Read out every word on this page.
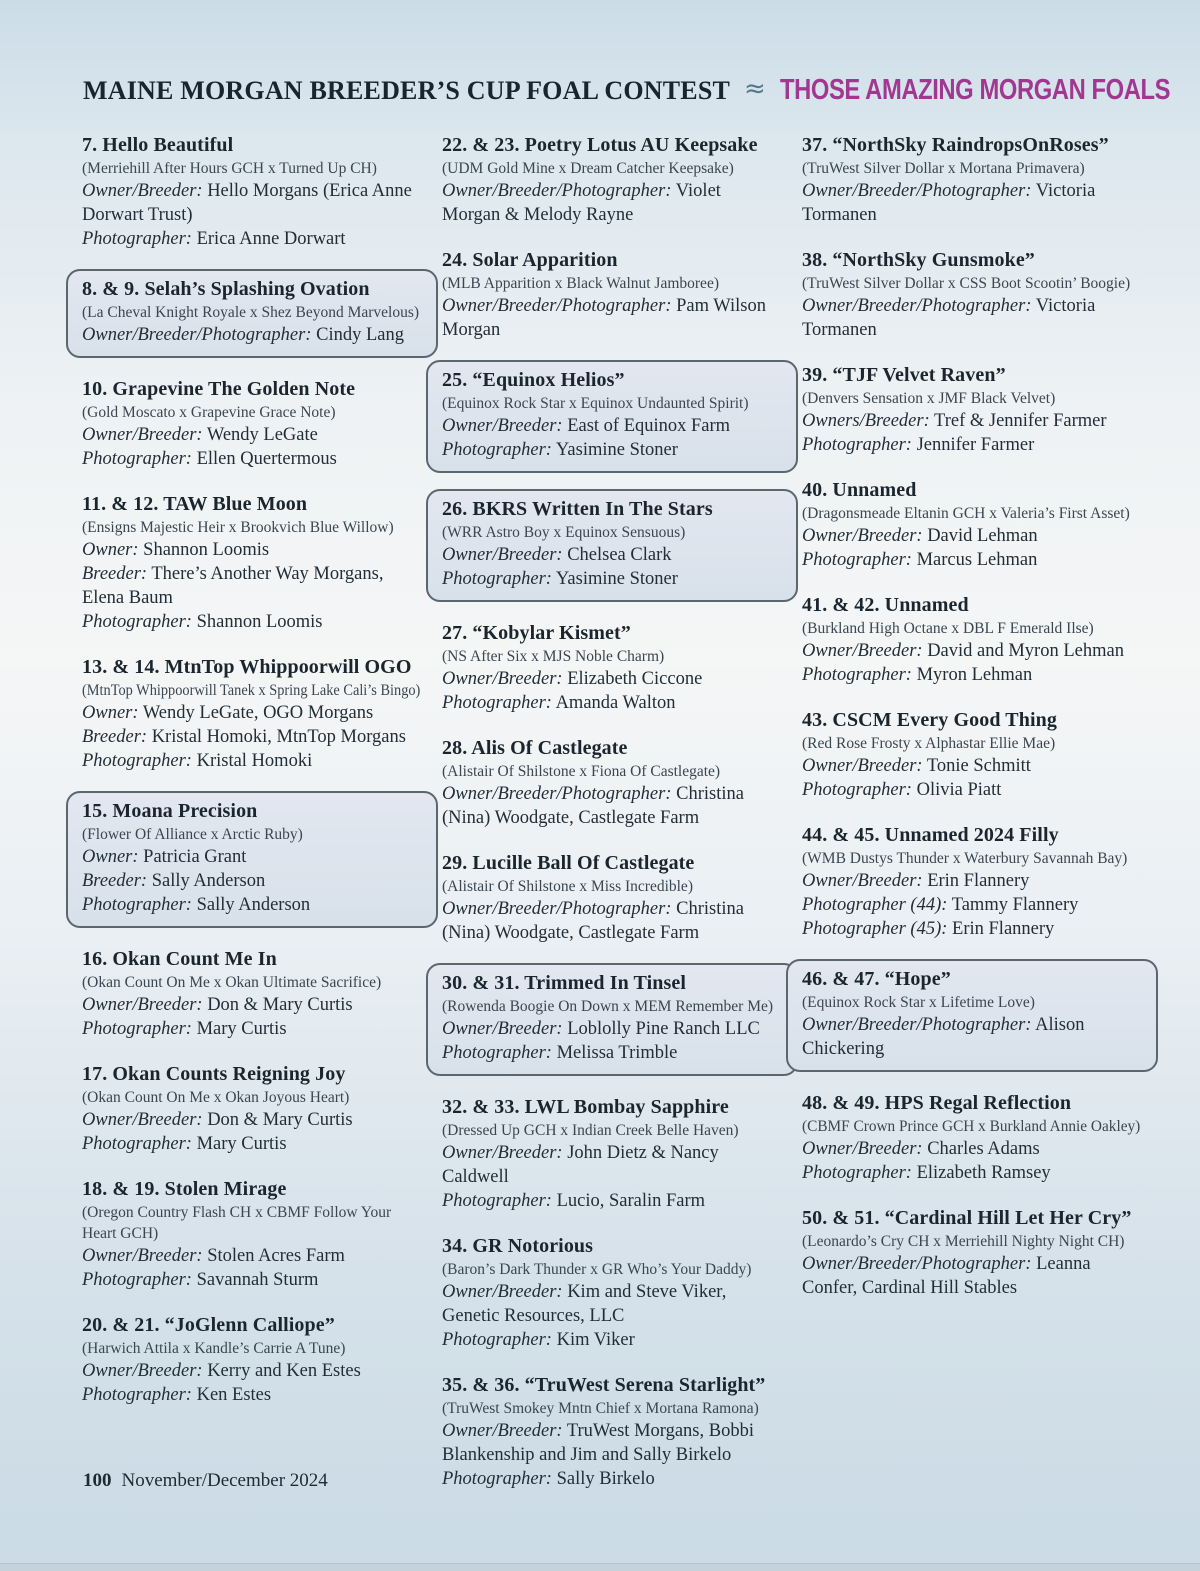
MAINE MORGAN BREEDER’S CUP FOAL CONTEST ≈ THOSE AMAZING MORGAN FOALS
7. Hello Beautiful

(Merriehill After Hours GCH x Turned Up CH)

Owner/Breeder: Hello Morgans (Erica Anne Dorwart Trust)

Photographer: Erica Anne Dorwart

8. & 9. Selah’s Splashing Ovation

(La Cheval Knight Royale x Shez Beyond Marvelous)

Owner/Breeder/Photographer: Cindy Lang

10. Grapevine The Golden Note

(Gold Moscato x Grapevine Grace Note)

Owner/Breeder: Wendy LeGate

Photographer: Ellen Quertermous

11. & 12. TAW Blue Moon

(Ensigns Majestic Heir x Brookvich Blue Willow)

Owner: Shannon Loomis

Breeder: There’s Another Way Morgans, Elena Baum

Photographer: Shannon Loomis

13. & 14. MtnTop Whippoorwill OGO

(MtnTop Whippoorwill Tanek x Spring Lake Cali’s Bingo)

Owner: Wendy LeGate, OGO Morgans

Breeder: Kristal Homoki, MtnTop Morgans

Photographer: Kristal Homoki

15. Moana Precision

(Flower Of Alliance x Arctic Ruby)

Owner: Patricia Grant

Breeder: Sally Anderson

Photographer: Sally Anderson

16. Okan Count Me In

(Okan Count On Me x Okan Ultimate Sacrifice)

Owner/Breeder: Don & Mary Curtis

Photographer: Mary Curtis

17. Okan Counts Reigning Joy

(Okan Count On Me x Okan Joyous Heart)

Owner/Breeder: Don & Mary Curtis

Photographer: Mary Curtis

18. & 19. Stolen Mirage

(Oregon Country Flash CH x CBMF Follow Your Heart GCH)

Owner/Breeder: Stolen Acres Farm

Photographer: Savannah Sturm

20. & 21. “JoGlenn Calliope”

(Harwich Attila x Kandle’s Carrie A Tune)

Owner/Breeder: Kerry and Ken Estes

Photographer: Ken Estes

22. & 23. Poetry Lotus AU Keepsake

(UDM Gold Mine x Dream Catcher Keepsake)

Owner/Breeder/Photographer: Violet Morgan & Melody Rayne

24. Solar Apparition

(MLB Apparition x Black Walnut Jamboree)

Owner/Breeder/Photographer: Pam Wilson Morgan

25. “Equinox Helios”

(Equinox Rock Star x Equinox Undaunted Spirit)

Owner/Breeder: East of Equinox Farm

Photographer: Yasimine Stoner

26. BKRS Written In The Stars

(WRR Astro Boy x Equinox Sensuous)

Owner/Breeder: Chelsea Clark

Photographer: Yasimine Stoner

27. “Kobylar Kismet”

(NS After Six x MJS Noble Charm)

Owner/Breeder: Elizabeth Ciccone

Photographer: Amanda Walton

28. Alis Of Castlegate

(Alistair Of Shilstone x Fiona Of Castlegate)

Owner/Breeder/Photographer: Christina (Nina) Woodgate, Castlegate Farm

29. Lucille Ball Of Castlegate

(Alistair Of Shilstone x Miss Incredible)

Owner/Breeder/Photographer: Christina (Nina) Woodgate, Castlegate Farm

30. & 31. Trimmed In Tinsel

(Rowenda Boogie On Down x MEM Remember Me)

Owner/Breeder: Loblolly Pine Ranch LLC

Photographer: Melissa Trimble

32. & 33. LWL Bombay Sapphire

(Dressed Up GCH x Indian Creek Belle Haven)

Owner/Breeder: John Dietz & Nancy Caldwell

Photographer: Lucio, Saralin Farm

34. GR Notorious

(Baron’s Dark Thunder x GR Who’s Your Daddy)

Owner/Breeder: Kim and Steve Viker, Genetic Resources, LLC

Photographer: Kim Viker

35. & 36. “TruWest Serena Starlight”

(TruWest Smokey Mntn Chief x Mortana Ramona)

Owner/Breeder: TruWest Morgans, Bobbi Blankenship and Jim and Sally Birkelo

Photographer: Sally Birkelo

37. “NorthSky RaindropsOnRoses”

(TruWest Silver Dollar x Mortana Primavera)

Owner/Breeder/Photographer: Victoria Tormanen

38. “NorthSky Gunsmoke”

(TruWest Silver Dollar x CSS Boot Scootin’ Boogie)

Owner/Breeder/Photographer: Victoria Tormanen

39. “TJF Velvet Raven”

(Denvers Sensation x JMF Black Velvet)

Owners/Breeder: Tref & Jennifer Farmer

Photographer: Jennifer Farmer

40. Unnamed

(Dragonsmeade Eltanin GCH x Valeria’s First Asset)

Owner/Breeder: David Lehman

Photographer: Marcus Lehman

41. & 42. Unnamed

(Burkland High Octane x DBL F Emerald Ilse)

Owner/Breeder: David and Myron Lehman

Photographer: Myron Lehman

43. CSCM Every Good Thing

(Red Rose Frosty x Alphastar Ellie Mae)

Owner/Breeder: Tonie Schmitt

Photographer: Olivia Piatt

44. & 45. Unnamed 2024 Filly

(WMB Dustys Thunder x Waterbury Savannah Bay)

Owner/Breeder: Erin Flannery

Photographer (44): Tammy Flannery

Photographer (45): Erin Flannery

46. & 47. “Hope”

(Equinox Rock Star x Lifetime Love)

Owner/Breeder/Photographer: Alison Chickering

48. & 49. HPS Regal Reflection

(CBMF Crown Prince GCH x Burkland Annie Oakley)

Owner/Breeder: Charles Adams

Photographer: Elizabeth Ramsey

50. & 51. “Cardinal Hill Let Her Cry”

(Leonardo’s Cry CH x Merriehill Nighty Night CH)

Owner/Breeder/Photographer: Leanna Confer, Cardinal Hill Stables

100 November/December 2024
